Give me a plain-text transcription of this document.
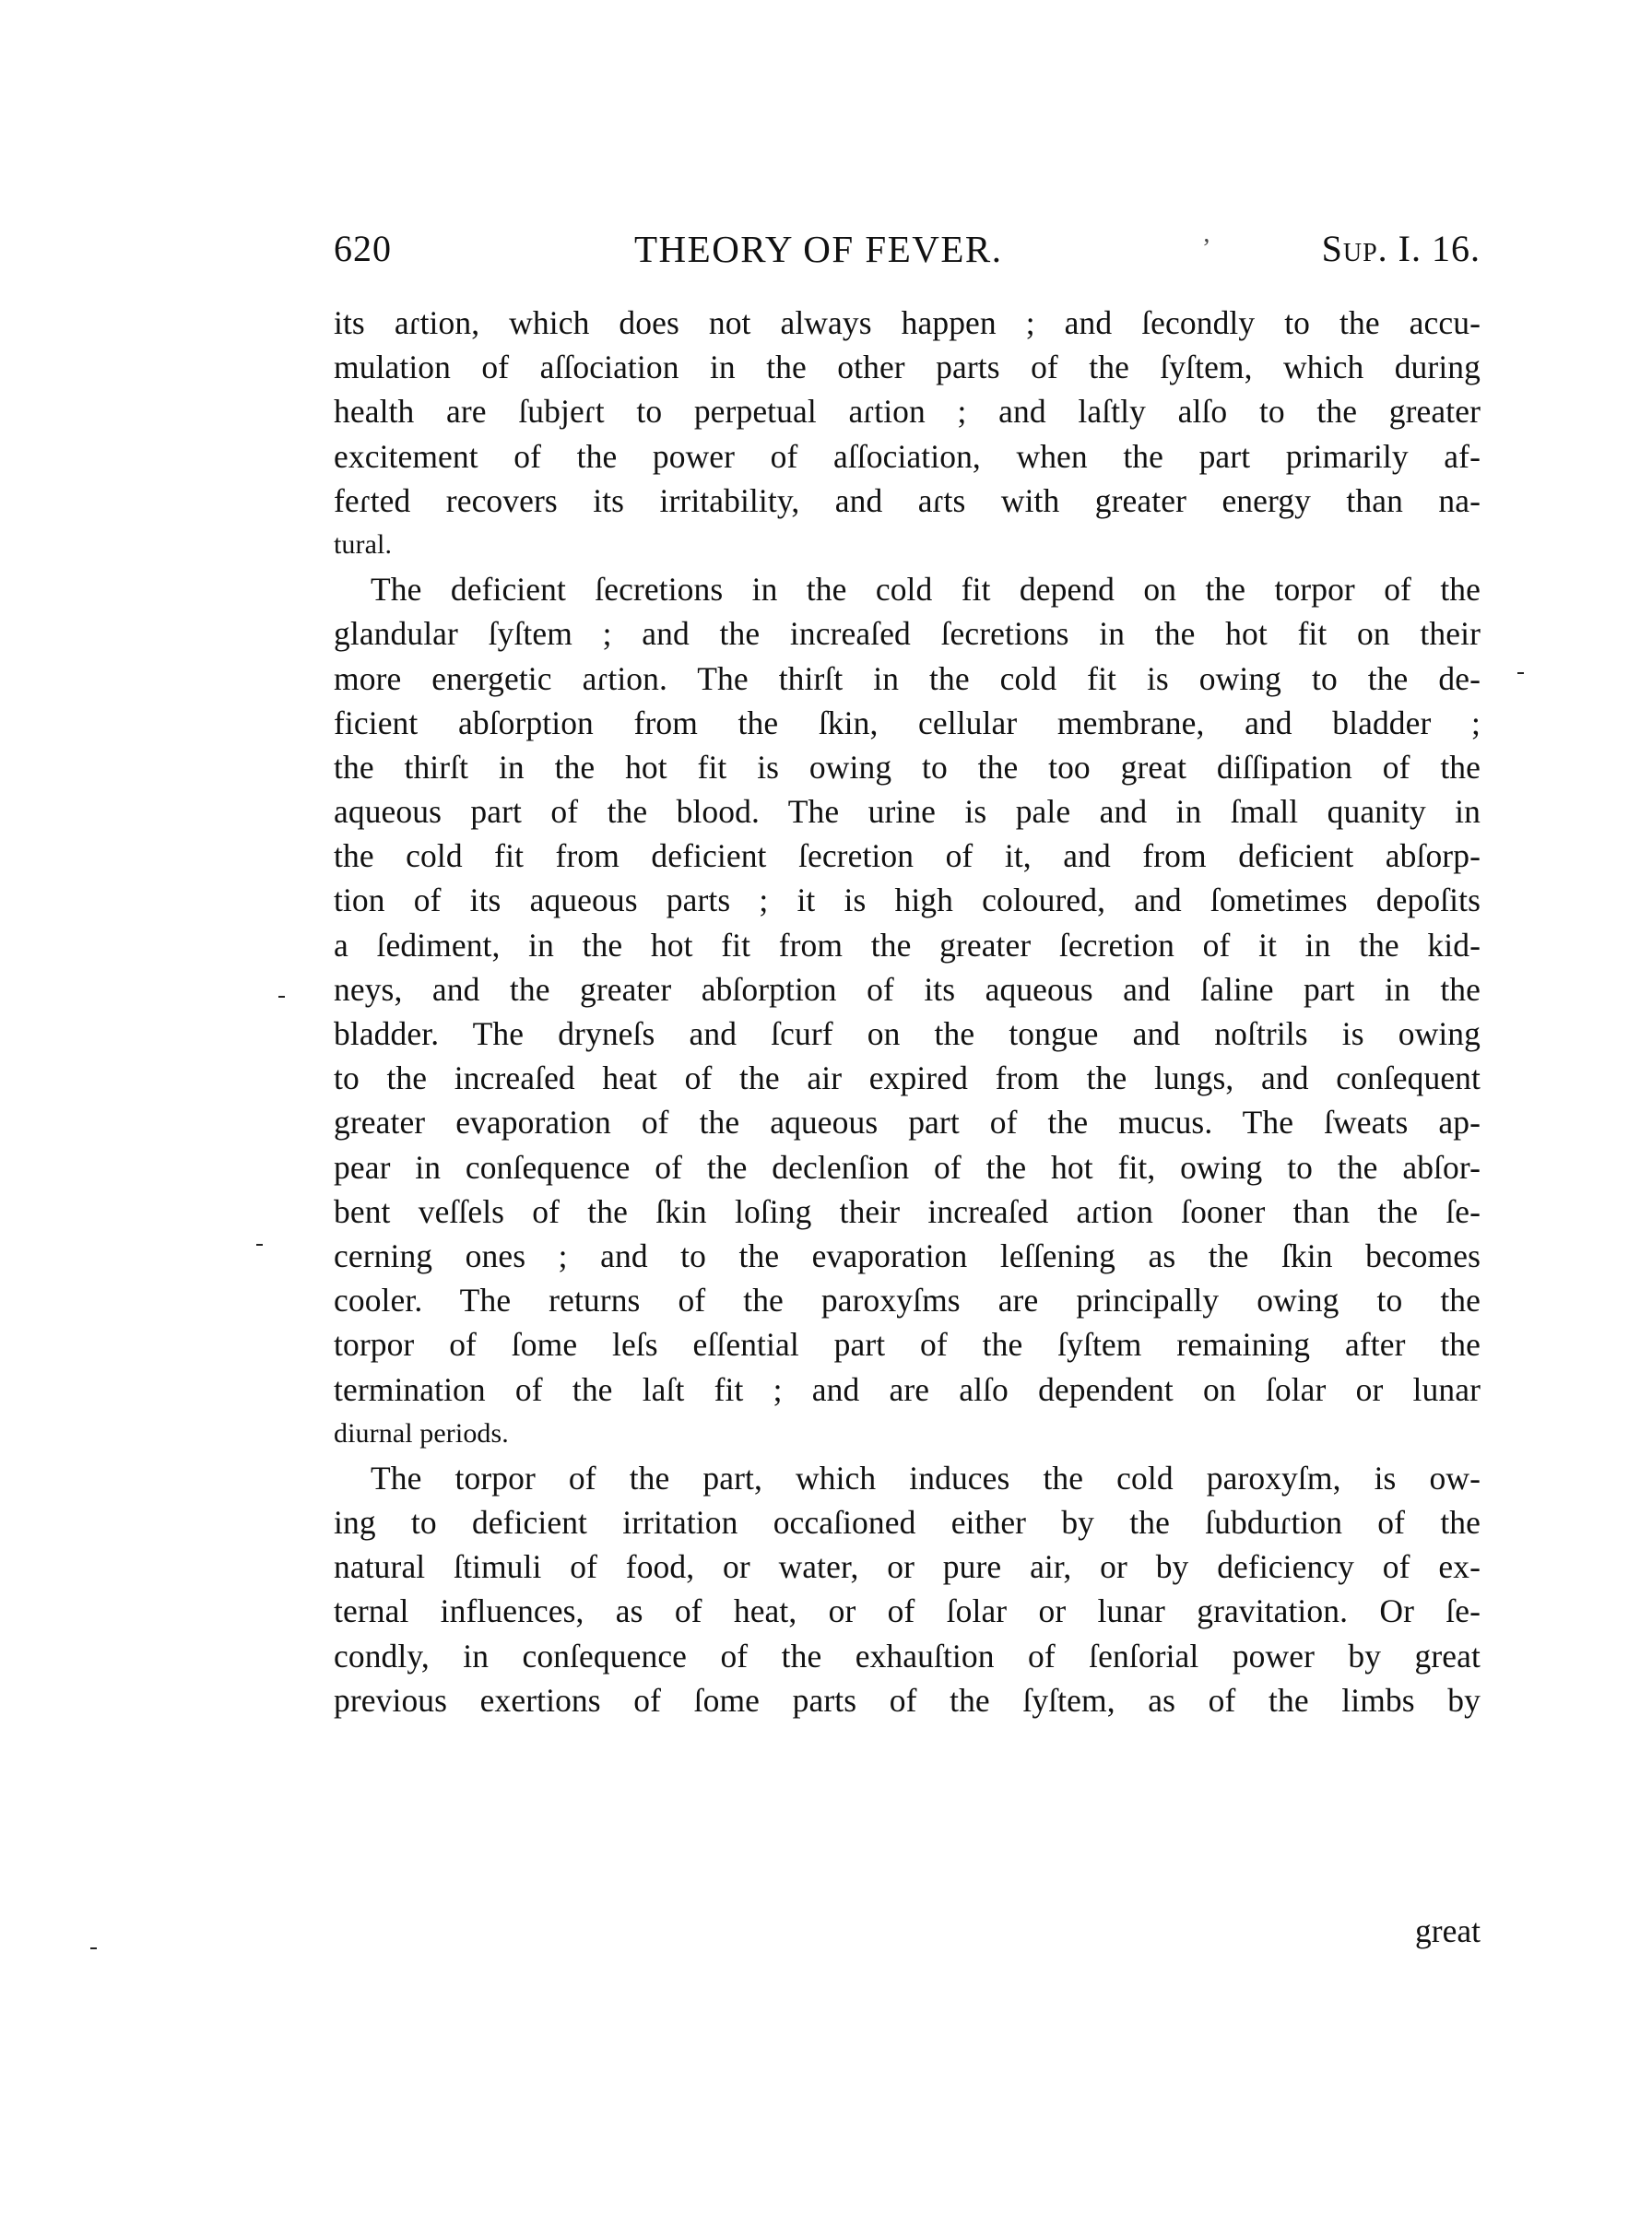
620	THEORY OF FEVER.	ʼ	Sup. I. 16.
its aɾtion, which does not always happen ; and ſecondly to the accu-
mulation of aſſociation in the other parts of the ſyſtem, which during
health are ſubjeɾt to perpetual aɾtion ; and laſtly alſo to the greater
excitement of the power of aſſociation, when the part primarily af-
feɾted recovers its irritability, and aɾts with greater energy than na-
tural.
The deficient ſecretions in the cold fit depend on the torpor of the
glandular ſyſtem ; and the increaſed ſecretions in the hot fit on their
more energetic aɾtion. The thirſt in the cold fit is owing to the de-
ficient abſorption from the ſkin, cellular membrane, and bladder ;
the thirſt in the hot fit is owing to the too great diſſipation of the
aqueous part of the blood. The urine is pale and in ſmall quanity in
the cold fit from deficient ſecretion of it, and from deficient abſorp-
tion of its aqueous parts ; it is high coloured, and ſometimes depoſits
a ſediment, in the hot fit from the greater ſecretion of it in the kid-
neys, and the greater abſorption of its aqueous and ſaline part in the
bladder. The dryneſs and ſcurf on the tongue and noſtrils is owing
to the increaſed heat of the air expired from the lungs, and conſequent
greater evaporation of the aqueous part of the mucus. The ſweats ap-
pear in conſequence of the declenſion of the hot fit, owing to the abſor-
bent veſſels of the ſkin loſing their increaſed aɾtion ſooner than the ſe-
cerning ones ; and to the evaporation leſſening as the ſkin becomes
cooler. The returns of the paroxyſms are principally owing to the
torpor of ſome leſs eſſential part of the ſyſtem remaining after the
termination of the laſt fit ; and are alſo dependent on ſolar or lunar
diurnal periods.
The torpor of the part, which induces the cold paroxyſm, is ow-
ing to deficient irritation occaſioned either by the ſubduɾtion of the
natural ſtimuli of food, or water, or pure air, or by deficiency of ex-
ternal influences, as of heat, or of ſolar or lunar gravitation. Or ſe-
condly, in conſequence of the exhauſtion of ſenſorial power by great
previous exertions of ſome parts of the ſyſtem, as of the limbs by
great
